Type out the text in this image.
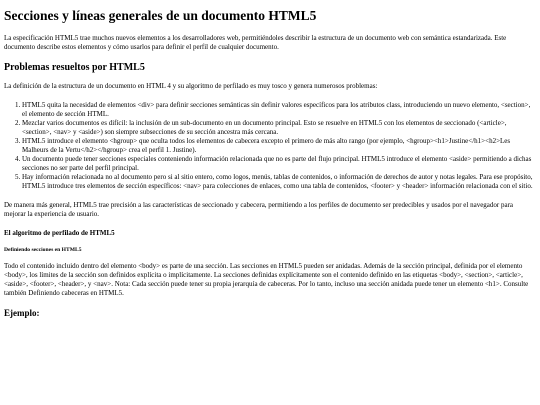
Secciones y líneas generales de un documento HTML5

La especificación HTML5 trae muchos nuevos elementos a los desarrolladores web, permitiéndoles describir la estructura de un documento web con semántica estandarizada. Este documento describe estos elementos y cómo usarlos para definir el perfil de cualquier documento.

Problemas resueltos por HTML5

La definición de la estructura de un documento en HTML 4 y su algoritmo de perfilado es muy tosco y genera numerosos problemas:

1. HTML5 quita la necesidad de elementos <div> para definir secciones semánticas sin definir valores específicos para los atributos class, introduciendo un nuevo elemento, <section>, el elemento de sección HTML.
2. Mezclar varios documentos es difícil: la inclusión de un sub-documento en un documento principal. Esto se resuelve en HTML5 con los elementos de seccionado (<article>, <section>, <nav> y <aside>) son siempre subsecciones de su sección ancestra más cercana.
3. HTML5 introduce el elemento <hgroup> que oculta todos los elementos de cabecera excepto el primero de más alto rango (por ejemplo, <hgroup><h1>Justine</h1><h2>Les Malheurs de la Vertu</h2></hgroup> crea el perfil 1. Justine).
4. Un documento puede tener secciones especiales conteniendo información relacionada que no es parte del flujo principal. HTML5 introduce el elemento <aside> permitiendo a dichas secciones no ser parte del perfil principal.
5. Hay información relacionada no al documento pero si al sitio entero, como logos, menús, tablas de contenidos, o información de derechos de autor y notas legales. Para ese propósito, HTML5 introduce tres elementos de sección específicos: <nav> para colecciones de enlaces, como una tabla de contenidos, <footer> y <header> información relacionada con el sitio.

De manera más general, HTML5 trae precisión a las características de seccionado y cabecera, permitiendo a los perfiles de documento ser predecibles y usados por el navegador para mejorar la experiencia de usuario.

El algoritmo de perfilado de HTML5
Definiendo secciones en HTML5

Todo el contenido incluido dentro del elemento <body> es parte de una sección. Las secciones en HTML5 pueden ser anidadas. Además de la sección principal, definida por el elemento <body>, los límites de la sección son definidos explícita o implícitamente. La secciones definidas explícitamente son el contenido definido en las etiquetas <body>, <section>, <article>, <aside>, <footer>, <header>, y <nav>. Nota: Cada sección puede tener su propia jerarquía de cabeceras. Por lo tanto, incluso una sección anidada puede tener un elemento <h1>. Consulte también Definiendo cabeceras en HTML5.

Ejemplo:
